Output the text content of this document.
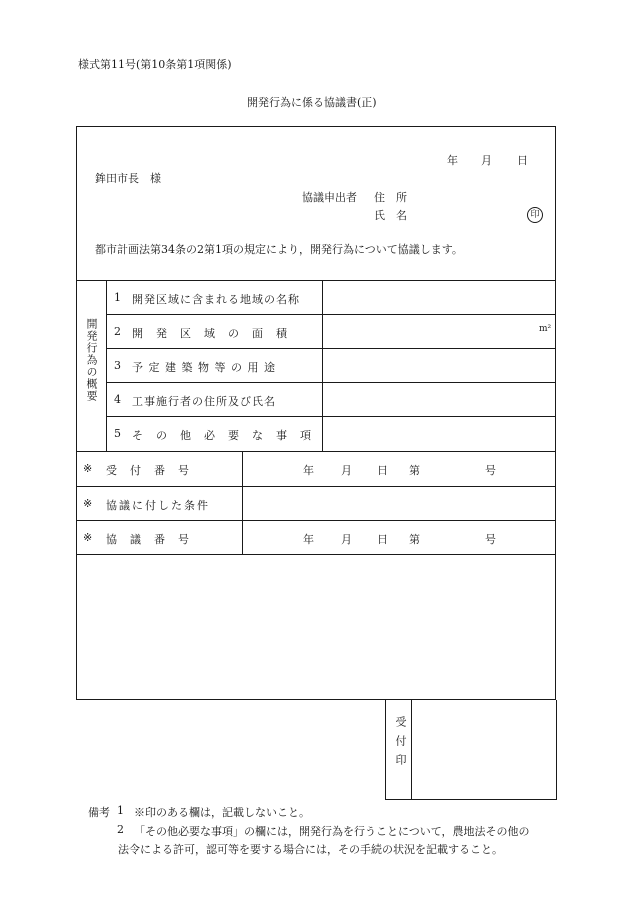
様式第11号(第10条第1項関係)
開発行為に係る協議書(正)
年 月 日
鉾田市長　様
協議申出者 住　所
氏　名	印
都市計画法第34条の2第1項の規定により，開発行為について協議します。
開発行為の概要
1 開発区域に含まれる地域の名称
2 開　発　区　域　の　面　積	m²
3 予 定 建 築 物 等 の 用 途
4 工事施行者の住所及び氏名
5 そ　の　他　必　要　な　事　項
※ 受　付　番　号	年 月 日 第	号
※ 協議に付した条件
※ 協　議　番　号	年 月 日 第	号
受付印
備考 1 ※印のある欄は，記載しないこと。
2 「その他必要な事項」の欄には，開発行為を行うことについて，農地法その他の
法令による許可，認可等を要する場合には，その手続の状況を記載すること。
